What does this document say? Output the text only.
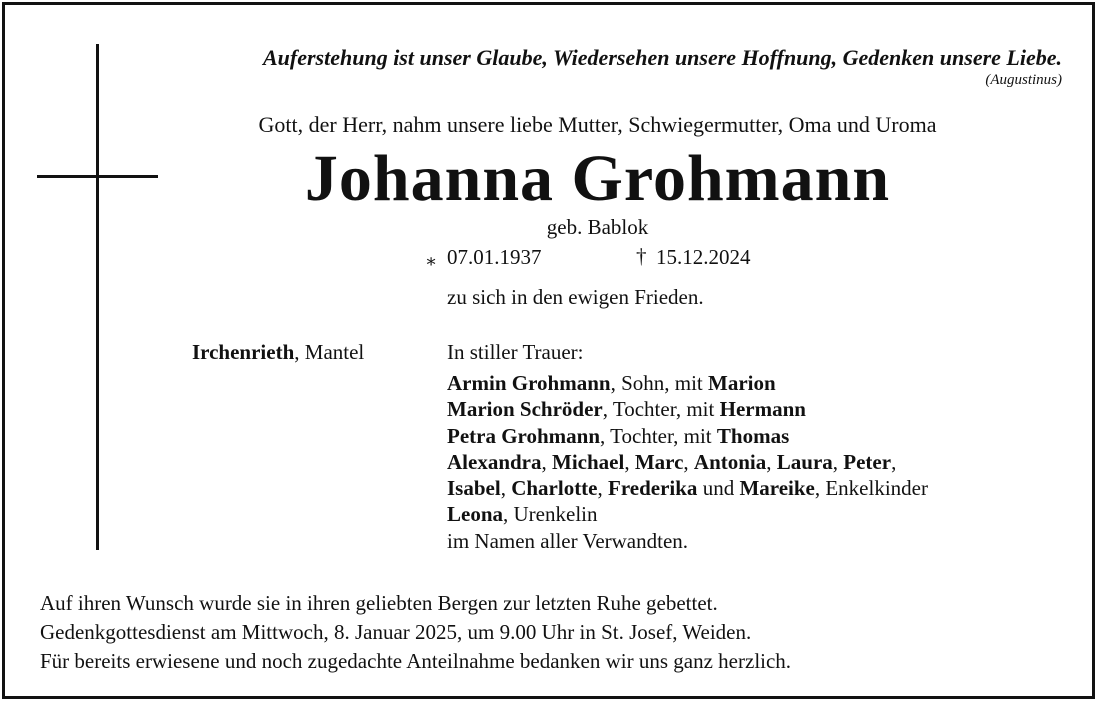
Auferstehung ist unser Glaube, Wiedersehen unsere Hoffnung, Gedenken unsere Liebe.
(Augustinus)
Gott, der Herr, nahm unsere liebe Mutter, Schwiegermutter, Oma und Uroma
Johanna Grohmann
geb. Bablok
∗ 07.01.1937	† 15.12.2024
zu sich in den ewigen Frieden.
Irchenrieth, Mantel	In stiller Trauer:
Armin Grohmann, Sohn, mit Marion
Marion Schröder, Tochter, mit Hermann
Petra Grohmann, Tochter, mit Thomas
Alexandra, Michael, Marc, Antonia, Laura, Peter,
Isabel, Charlotte, Frederika und Mareike, Enkelkinder
Leona, Urenkelin
im Namen aller Verwandten.
Auf ihren Wunsch wurde sie in ihren geliebten Bergen zur letzten Ruhe gebettet.
Gedenkgottesdienst am Mittwoch, 8. Januar 2025, um 9.00 Uhr in St. Josef, Weiden.
Für bereits erwiesene und noch zugedachte Anteilnahme bedanken wir uns ganz herzlich.
